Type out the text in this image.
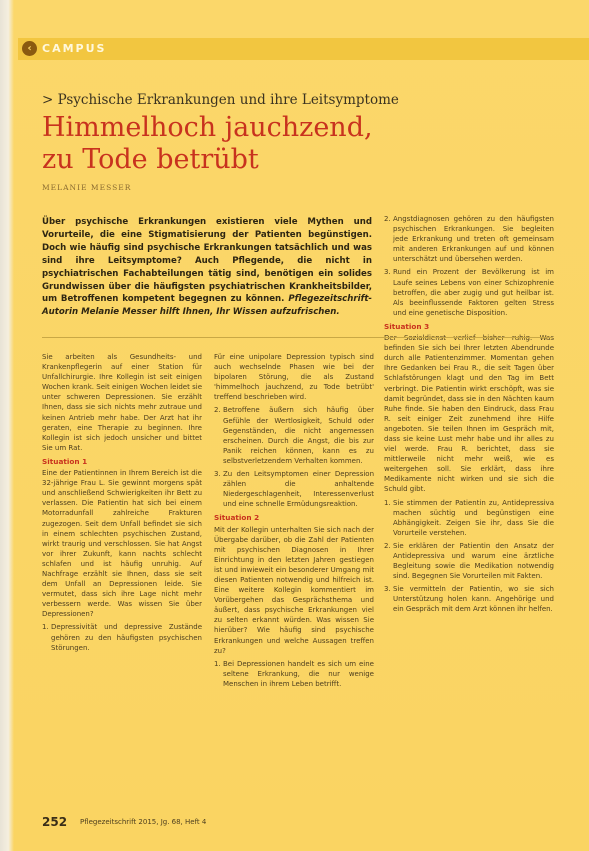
‹ CAMPUS
> Psychische Erkrankungen und ihre Leitsymptome
Himmelhoch jauchzend,
zu Tode betrübt
MELANIE MESSER
Über psychische Erkrankungen existieren viele Mythen und Vorurteile, die eine Stigmatisierung der Patienten begünstigen. Doch wie häufig sind psychische Erkrankungen tatsächlich und was sind ihre Leitsymptome? Auch Pflegende, die nicht in psychiatrischen Fachabteilungen tätig sind, benötigen ein solides Grundwissen über die häufigsten psychiatrischen Krankheitsbilder, um Betroffenen kompetent begegnen zu können. Pflegezeitschrift-Autorin Melanie Messer hilft Ihnen, Ihr Wissen aufzufrischen.
2. Angstdiagnosen gehören zu den häufigsten psychischen Erkrankungen. Sie begleiten jede Erkrankung und treten oft gemeinsam mit anderen Erkrankungen auf und können unterschätzt und übersehen werden.
3. Rund ein Prozent der Bevölkerung ist im Laufe seines Lebens von einer Schizophrenie betroffen, die aber zugig und gut heilbar ist. Als beeinflussende Faktoren gelten Stress und eine genetische Disposition.
Situation 3

Der Sozialdienst verlief bisher ruhig. Was befinden Sie sich bei Ihrer letzten Abendrunde durch alle Patientenzimmer. Momentan gehen Ihre Gedanken bei Frau R., die seit Tagen über Schlafstörungen klagt und den Tag im Bett verbringt. Die Patientin wirkt erschöpft, was sie damit begründet, dass sie in den Nächten kaum Ruhe finde. Sie haben den Eindruck, dass Frau R. seit einiger Zeit zunehmend ihre Hilfe angeboten. Sie teilen Ihnen im Gespräch mit, dass sie keine Lust mehr habe und ihr alles zu viel werde. Frau R. berichtet, dass sie mittlerweile nicht mehr weiß, wie es weitergehen soll. Sie erklärt, dass ihre Medikamente nicht wirken und sie sich die Schuld gibt.

1. Sie stimmen der Patientin zu, Antidepressiva machen süchtig und begünstigen eine Abhängigkeit. Zeigen Sie ihr, dass Sie die Vorurteile verstehen.
2. Sie erklären der Patientin den Ansatz der Antidepressiva und warum eine ärztliche Begleitung sowie die Medikation notwendig sind. Begegnen Sie Vorurteilen mit Fakten.
3. Sie vermitteln der Patientin, wo sie sich Unterstützung holen kann. Angehörige und ein Gespräch mit dem Arzt können ihr helfen.

Sie arbeiten als Gesundheits- und Krankenpflegerin auf einer Station für Unfallchirurgie. Ihre Kollegin ist seit einigen Wochen krank. Seit einigen Wochen leidet sie unter schweren Depressionen. Sie erzählt Ihnen, dass sie sich nichts mehr zutraue und keinen Antrieb mehr habe. Der Arzt hat ihr geraten, eine Therapie zu beginnen. Ihre Kollegin ist sich jedoch unsicher und bittet Sie um Rat.

Situation 1

Eine der Patientinnen in Ihrem Bereich ist die 32-jährige Frau L. Sie gewinnt morgens spät und anschließend Schwierigkeiten ihr Bett zu verlassen. Die Patientin hat sich bei einem Motorradunfall zahlreiche Frakturen zugezogen. Seit dem Unfall befindet sie sich in einem schlechten psychischen Zustand, wirkt traurig und verschlossen. Sie hat Angst vor ihrer Zukunft, kann nachts schlecht schlafen und ist häufig unruhig. Auf Nachfrage erzählt sie Ihnen, dass sie seit dem Unfall an Depressionen leide. Sie vermutet, dass sich ihre Lage nicht mehr verbessern werde. Was wissen Sie über Depressionen?

1. Depressivität und depressive Zustände gehören zu den häufigsten psychischen Störungen.

Für eine unipolare Depression typisch sind auch wechselnde Phasen wie bei der bipolaren Störung, die als Zustand 'himmelhoch jauchzend, zu Tode betrübt' treffend beschrieben wird.

2. Betroffene äußern sich häufig über Gefühle der Wertlosigkeit, Schuld oder Gegenständen, die nicht angemessen erscheinen. Durch die Angst, die bis zur Panik reichen können, kann es zu selbstverletzendem Verhalten kommen.
3. Zu den Leitsymptomen einer Depression zählen die anhaltende Niedergeschlagenheit, Interessenverlust und eine schnelle Ermüdungsreaktion.
Situation 2

Mit der Kollegin unterhalten Sie sich nach der Übergabe darüber, ob die Zahl der Patienten mit psychischen Diagnosen in Ihrer Einrichtung in den letzten Jahren gestiegen ist und inwieweit ein besonderer Umgang mit diesen Patienten notwendig und hilfreich ist. Eine weitere Kollegin kommentiert im Vorübergehen das Gesprächsthema und äußert, dass psychische Erkrankungen viel zu selten erkannt würden. Was wissen Sie hierüber? Wie häufig sind psychische Erkrankungen und welche Aussagen treffen zu?

1. Bei Depressionen handelt es sich um eine seltene Erkrankung, die nur wenige Menschen in ihrem Leben betrifft.
252 Pflegezeitschrift 2015, Jg. 68, Heft 4
